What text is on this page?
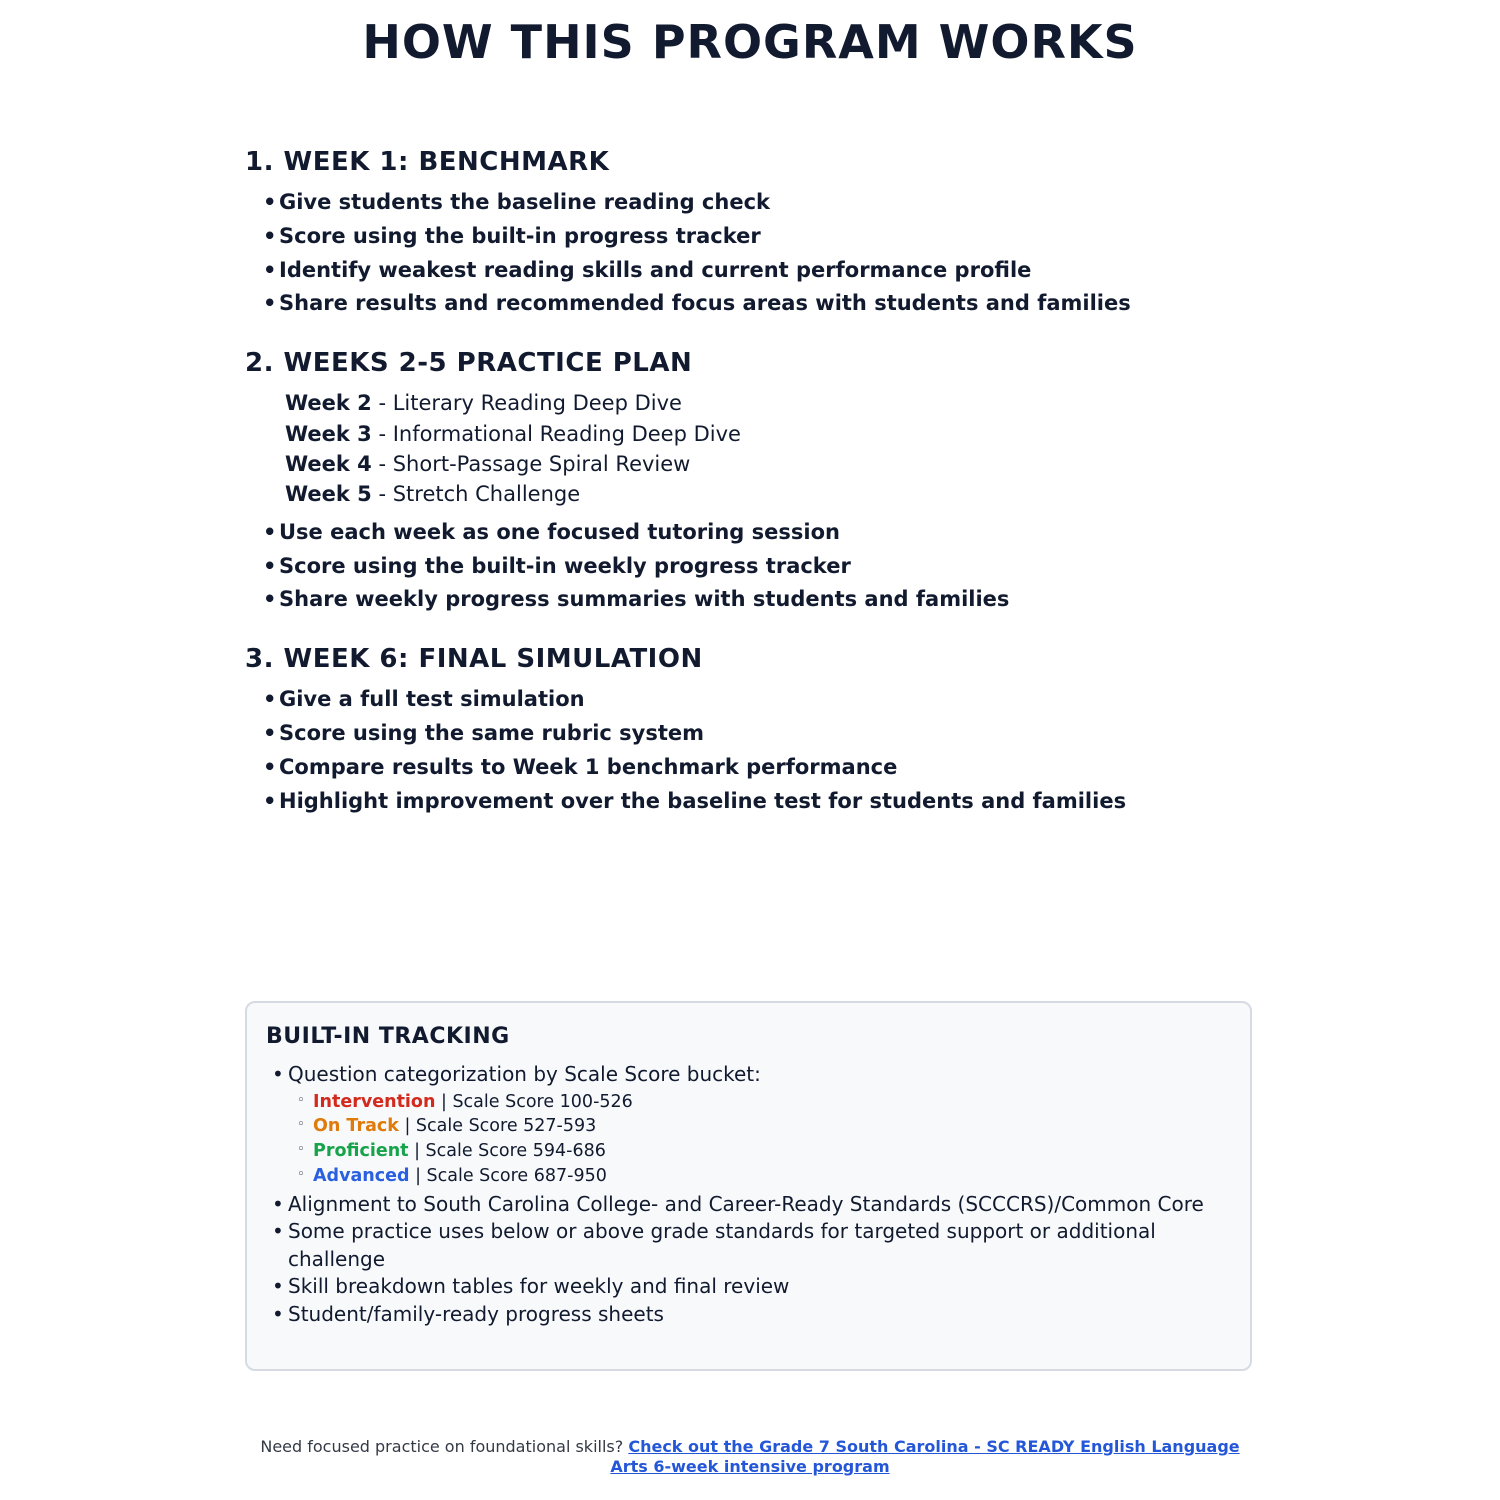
HOW THIS PROGRAM WORKS
1. WEEK 1: BENCHMARK
• Give students the baseline reading check
• Score using the built-in progress tracker
• Identify weakest reading skills and current performance profile
• Share results and recommended focus areas with students and families
2. WEEKS 2-5 PRACTICE PLAN
Week 2 - Literary Reading Deep Dive
Week 3 - Informational Reading Deep Dive
Week 4 - Short-Passage Spiral Review
Week 5 - Stretch Challenge
• Use each week as one focused tutoring session
• Score using the built-in weekly progress tracker
• Share weekly progress summaries with students and families
3. WEEK 6: FINAL SIMULATION
• Give a full test simulation
• Score using the same rubric system
• Compare results to Week 1 benchmark performance
• Highlight improvement over the baseline test for students and families
BUILT-IN TRACKING
• Question categorization by Scale Score bucket:
◦ Intervention | Scale Score 100-526
◦ On Track | Scale Score 527-593
◦ Proficient | Scale Score 594-686
◦ Advanced | Scale Score 687-950
• Alignment to South Carolina College- and Career-Ready Standards (SCCCRS)/Common Core
• Some practice uses below or above grade standards for targeted support or additional challenge
• Skill breakdown tables for weekly and final review
• Student/family-ready progress sheets
Need focused practice on foundational skills? Check out the Grade 7 South Carolina - SC READY English Language Arts 6-week intensive program
